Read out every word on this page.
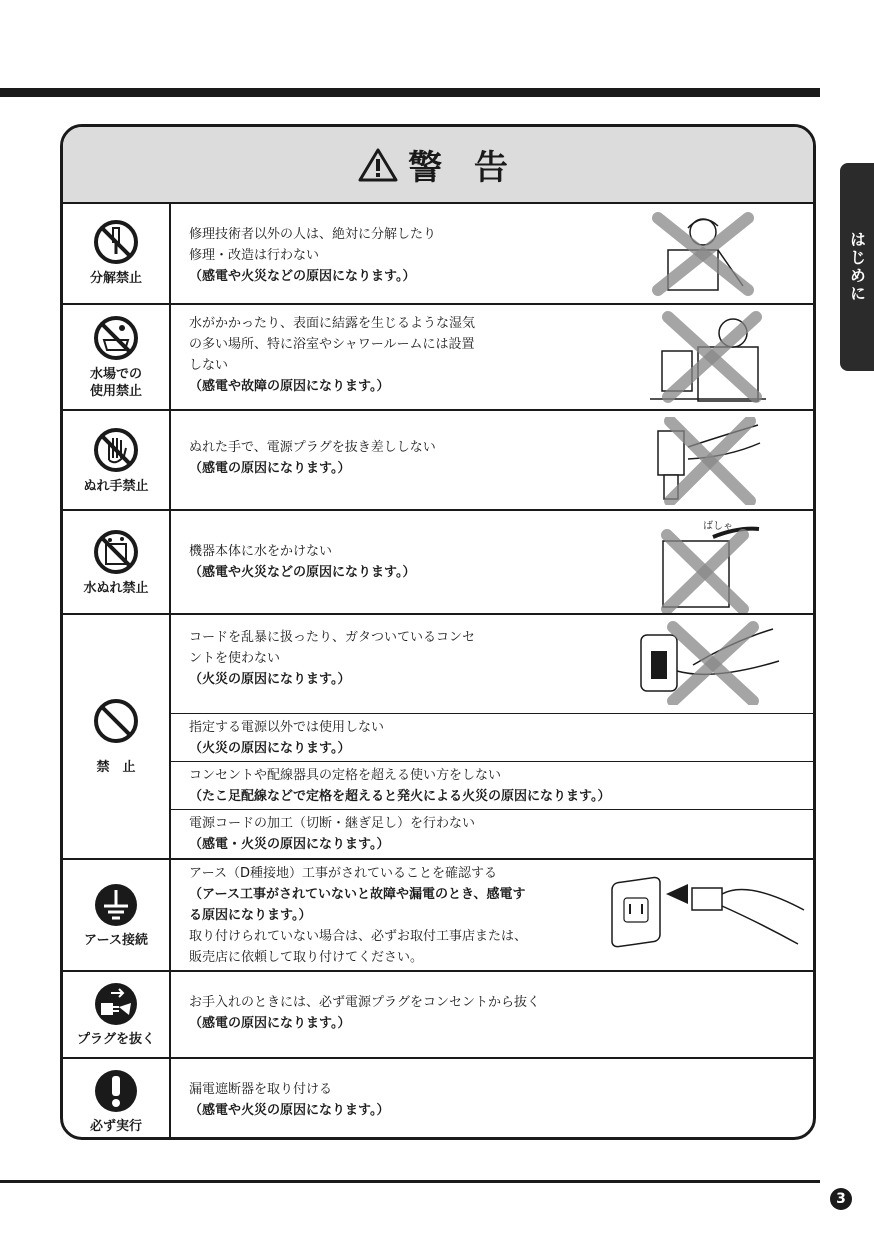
はじめに
警 告
分解禁止
修理技術者以外の人は、絶対に分解したり
修理・改造は行わない
（感電や火災などの原因になります。）
水場での
使用禁止
水がかかったり、表面に結露を生じるような湿気
の多い場所、特に浴室やシャワールームには設置
しない
（感電や故障の原因になります。）
ぬれ手禁止
ぬれた手で、電源プラグを抜き差ししない
（感電の原因になります。）
水ぬれ禁止
機器本体に水をかけない
（感電や火災などの原因になります。）
ばしゃ
禁　止
コードを乱暴に扱ったり、ガタついているコンセ
ントを使わない
（火災の原因になります。）
指定する電源以外では使用しない
（火災の原因になります。）
コンセントや配線器具の定格を超える使い方をしない
（たこ足配線などで定格を超えると発火による火災の原因になります。）
電源コードの加工（切断・継ぎ足し）を行わない
（感電・火災の原因になります。）
アース接続
アース（D種接地）工事がされていることを確認する
（アース工事がされていないと故障や漏電のとき、感電す
る原因になります。）
取り付けられていない場合は、必ずお取付工事店または、
販売店に依頼して取り付けてください。
プラグを抜く
お手入れのときには、必ず電源プラグをコンセントから抜く
（感電の原因になります。）
必ず実行
漏電遮断器を取り付ける
（感電や火災の原因になります。）
3
